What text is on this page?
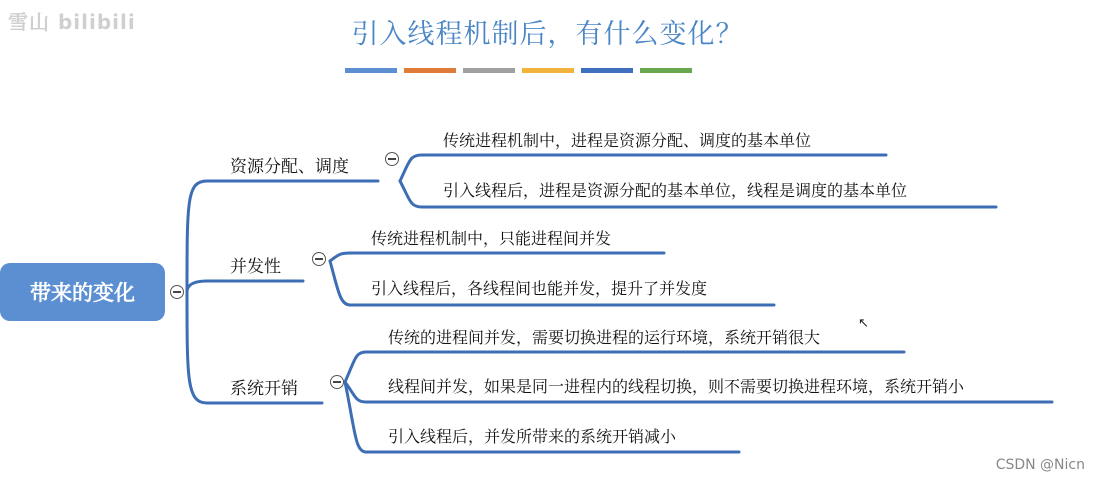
雪山 bilibili	引入线程机制后，有什么变化？
带来的变化
资源分配、调度
传统进程机制中，进程是资源分配、调度的基本单位
引入线程后，进程是资源分配的基本单位，线程是调度的基本单位
并发性
传统进程机制中，只能进程间并发
引入线程后，各线程间也能并发，提升了并发度
系统开销
传统的进程间并发，需要切换进程的运行环境，系统开销很大
线程间并发，如果是同一进程内的线程切换，则不需要切换进程环境，系统开销小
引入线程后，并发所带来的系统开销减小
↖
CSDN @Nicn
